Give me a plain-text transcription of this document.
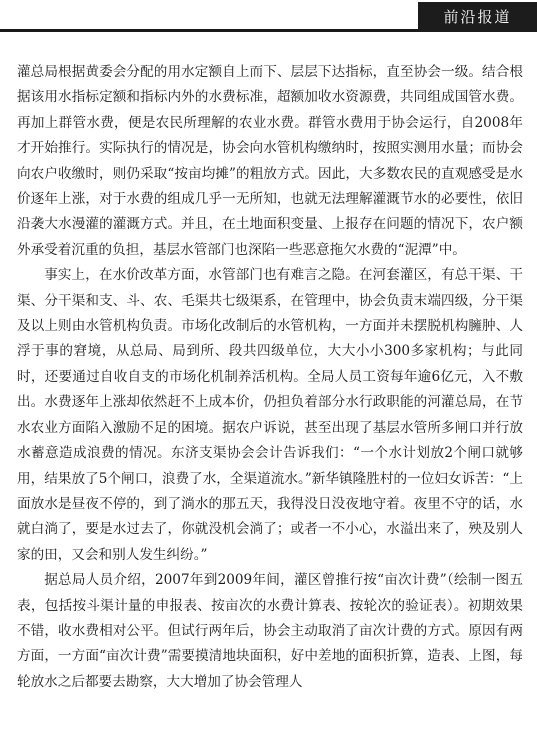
前沿报道

灌总局根据黄委会分配的用水定额自上而下、层层下达指标，直至协会一级。结合根据该用水指标定额和指标内外的水费标准，超额加收水资源费，共同组成国管水费。再加上群管水费，便是农民所理解的农业水费。群管水费用于协会运行，自2008年才开始推行。实际执行的情况是，协会向水管机构缴纳时，按照实测用水量；而协会向农户收缴时，则仍采取“按亩均摊”的粗放方式。因此，大多数农民的直观感受是水价逐年上涨，对于水费的组成几乎一无所知，也就无法理解灌溉节水的必要性，依旧沿袭大水漫灌的灌溉方式。并且，在土地面积变量、上报存在问题的情况下，农户额外承受着沉重的负担，基层水管部门也深陷一些恶意拖欠水费的“泥潭”中。

事实上，在水价改革方面，水管部门也有难言之隐。在河套灌区，有总干渠、干渠、分干渠和支、斗、农、毛渠共七级渠系，在管理中，协会负责末端四级，分干渠及以上则由水管机构负责。市场化改制后的水管机构，一方面并未摆脱机构臃肿、人浮于事的窘境，从总局、局到所、段共四级单位，大大小小300多家机构；与此同时，还要通过自收自支的市场化机制养活机构。全局人员工资每年逾6亿元，入不敷出。水费逐年上涨却依然赶不上成本价，仍担负着部分水行政职能的河灌总局，在节水农业方面陷入激励不足的困境。据农户诉说，甚至出现了基层水管所多闸口并行放水蓄意造成浪费的情况。东济支渠协会会计告诉我们：“一个水计划放2个闸口就够用，结果放了5个闸口，浪费了水，全渠道流水。”新华镇隆胜村的一位妇女诉苦：“上面放水是昼夜不停的，到了淌水的那五天，我得没日没夜地守着。夜里不守的话，水就白淌了，要是水过去了，你就没机会淌了；或者一不小心，水溢出来了，殃及别人家的田，又会和别人发生纠纷。”

据总局人员介绍，2007年到2009年间，灌区曾推行按“亩次计费”（绘制一图五表，包括按斗渠计量的申报表、按亩次的水费计算表、按轮次的验证表）。初期效果不错，收水费相对公平。但试行两年后，协会主动取消了亩次计费的方式。原因有两方面，一方面“亩次计费”需要摸清地块面积，好中差地的面积折算，造表、上图，每轮放水之后都要去勘察，大大增加了协会管理人
